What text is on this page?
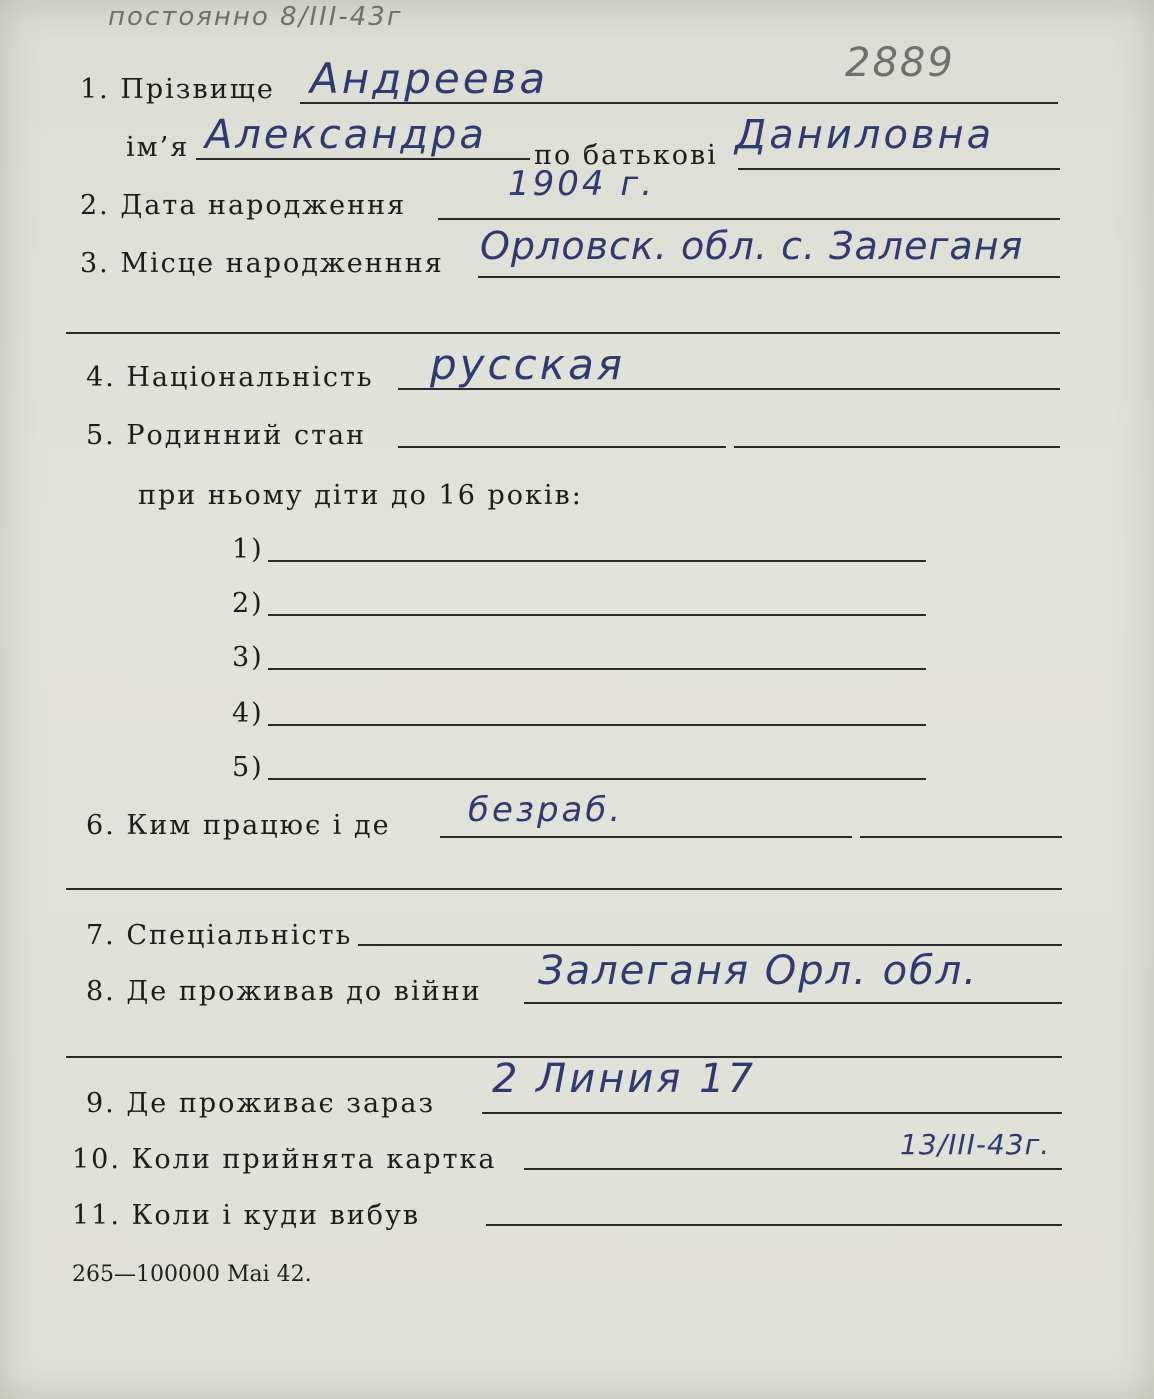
постоянно 8/III-43г
2889
1. Прізвище Андреева
ім’я Александра по батькові Даниловна
2. Дата народження
1904 г.
3. Місце народженння Орловск. обл. с. Залеганя
4. Національність русская
5. Родинний стан
при ньому діти до 16 років:
1)
2)
3)
4)
5)
6. Ким працює і де безраб.
7. Спеціальність
8. Де проживав до війни Залеганя Орл. обл.
9. Де проживає зараз
2 Линия 17
10. Коли прийнята картка	13/III-43г.
11. Коли і куди вибув
265—100000 Mai 42.
